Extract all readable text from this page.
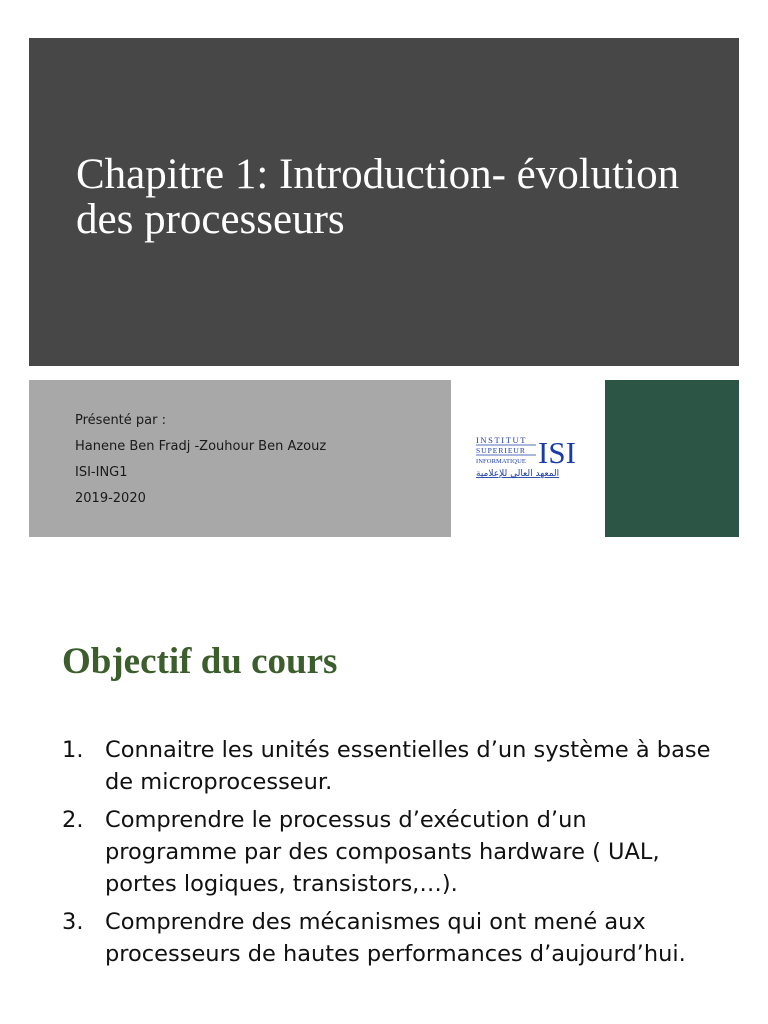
Chapitre 1: Introduction- évolution des processeurs
Présenté par :
Hanene Ben Fradj -Zouhour Ben Azouz
ISI-ING1
2019-2020
INSTITUT
SUPERIEUR
INFORMATIQUE ISI
المعهد العالي للإعلامية
Objectif du cours
1. Connaitre les unités essentielles d’un système à base de microprocesseur.
2. Comprendre le processus d’exécution d’un programme par des composants hardware ( UAL, portes logiques, transistors,…).
3. Comprendre des mécanismes qui ont mené aux processeurs de hautes performances d’aujourd’hui.
